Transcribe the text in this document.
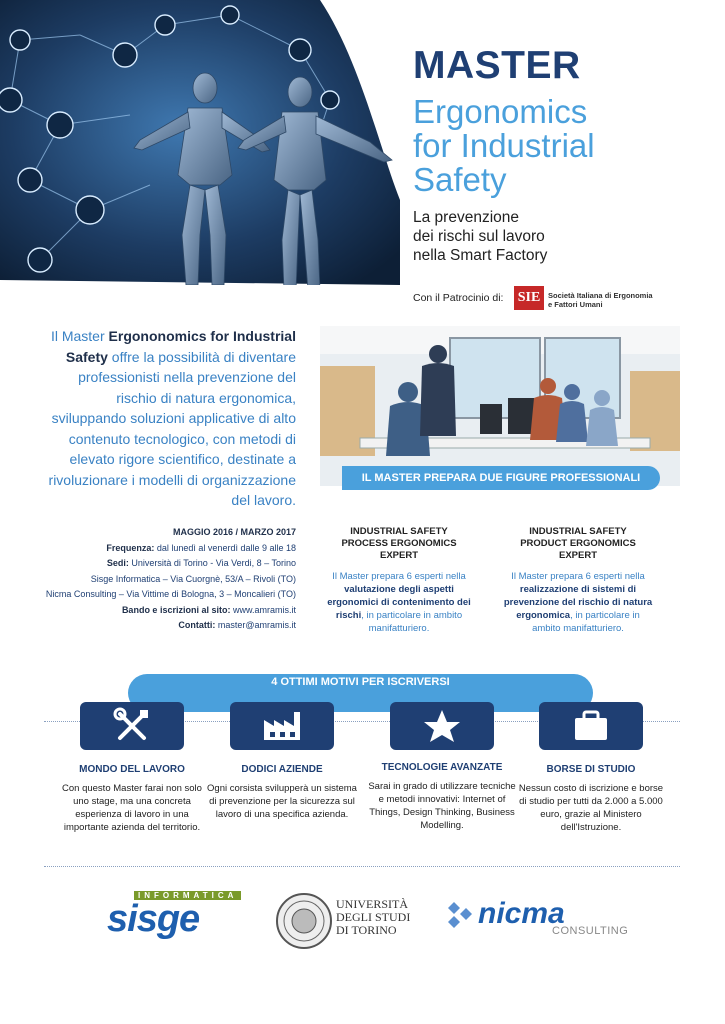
MASTER
Ergonomics
for Industrial
Safety
La prevenzione
dei rischi sul lavoro
nella Smart Factory
Con il Patrocinio di: SIE	Società Italiana di Ergonomia
e Fattori Umani
Il Master Ergononomics for Industrial Safety offre la possibilità di diventare professionisti nella prevenzione del rischio di natura ergonomica, sviluppando soluzioni applicative di alto contenuto tecnologico, con metodi di elevato rigore scientifico, destinate a rivoluzionare i modelli di organizzazione del lavoro.
IL MASTER PREPARA DUE FIGURE PROFESSIONALI
MAGGIO 2016 / MARZO 2017
Frequenza: dal lunedì al venerdì dalle 9 alle 18
Sedi: Università di Torino - Via Verdi, 8 – Torino
Sisge Informatica – Via Cuorgnè, 53/A – Rivoli (TO)
Nicma Consulting – Via Vittime di Bologna, 3 – Moncalieri (TO)
Bando e iscrizioni al sito: www.amramis.it
Contatti: master@amramis.it
INDUSTRIAL SAFETY
PROCESS ERGONOMICS
EXPERT
Il Master prepara 6 esperti nella valutazione degli aspetti ergonomici di contenimento dei rischi, in particolare in ambito manifatturiero.
INDUSTRIAL SAFETY
PRODUCT ERGONOMICS
EXPERT
Il Master prepara 6 esperti nella realizzazione di sistemi di prevenzione del rischio di natura ergonomica, in particolare in ambito manifatturiero.
4 OTTIMI MOTIVI PER ISCRIVERSI
MONDO DEL LAVORO	DODICI AZIENDE	TECNOLOGIE AVANZATE	BORSE DI STUDIO
Con questo Master farai non solo uno stage, ma una concreta esperienza di lavoro in una importante azienda del territorio.
Ogni corsista svilupperà un sistema di prevenzione per la sicurezza sul lavoro di una specifica azienda.
Sarai in grado di utilizzare tecniche e metodi innovativi: Internet of Things, Design Thinking, Business Modelling.
Nessun costo di iscrizione e borse di studio per tutti da 2.000 a 5.000 euro, grazie al Ministero dell'Istruzione.
INFORMATICA
sisge	UNIVERSITÀ
DEGLI STUDI
DI TORINO	nicma
CONSULTING
